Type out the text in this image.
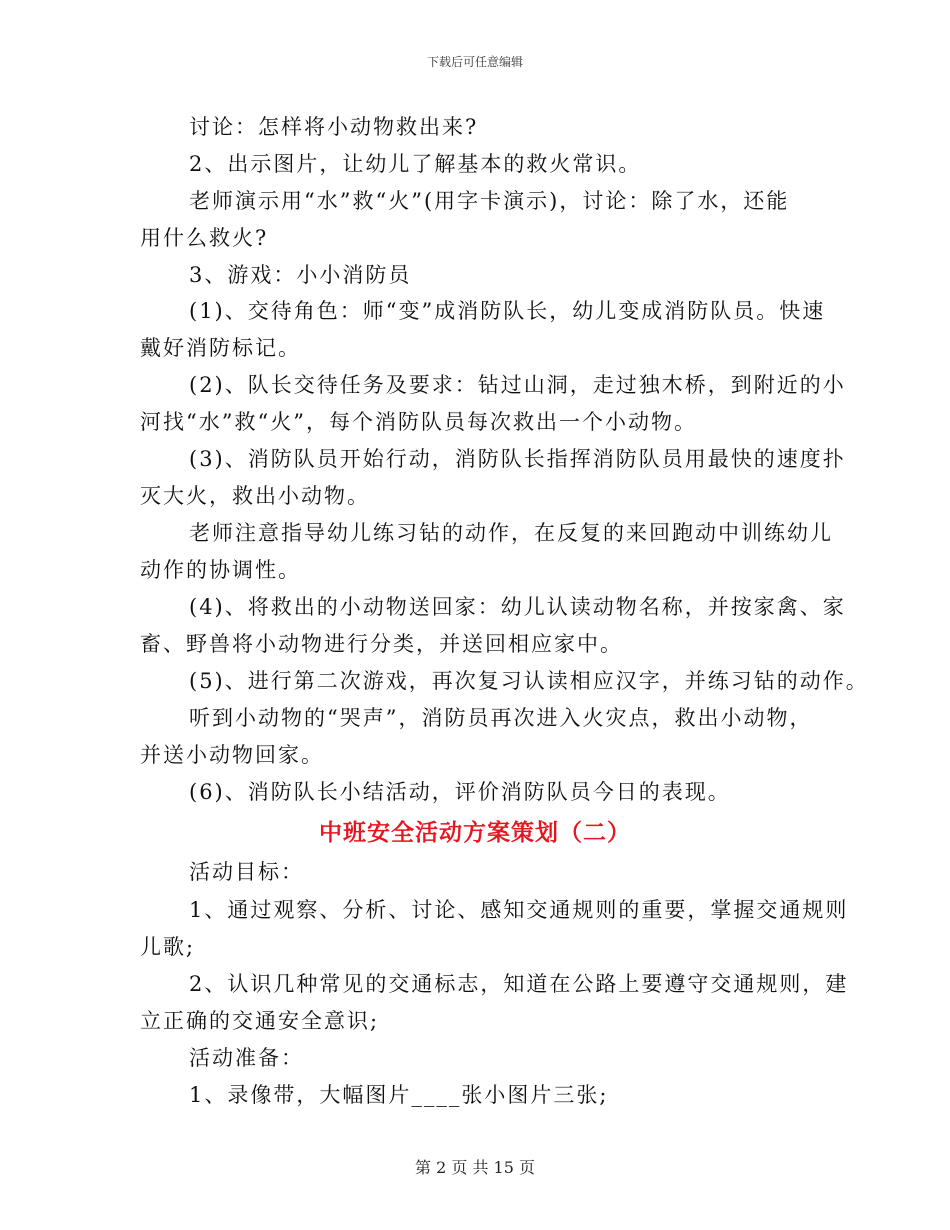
下载后可任意编辑
讨论：怎样将小动物救出来?
2、出示图片，让幼儿了解基本的救火常识。
老师演示用“水”救“火”(用字卡演示)，讨论：除了水，还能
用什么救火?
3、游戏：小小消防员
(1)、交待角色：师“变”成消防队长，幼儿变成消防队员。快速
戴好消防标记。
(2)、队长交待任务及要求：钻过山洞，走过独木桥，到附近的小
河找“水”救“火”，每个消防队员每次救出一个小动物。
(3)、消防队员开始行动，消防队长指挥消防队员用最快的速度扑
灭大火，救出小动物。
老师注意指导幼儿练习钻的动作，在反复的来回跑动中训练幼儿
动作的协调性。
(4)、将救出的小动物送回家：幼儿认读动物名称，并按家禽、家
畜、野兽将小动物进行分类，并送回相应家中。
(5)、进行第二次游戏，再次复习认读相应汉字，并练习钻的动作。
听到小动物的“哭声”，消防员再次进入火灾点，救出小动物，
并送小动物回家。
(6)、消防队长小结活动，评价消防队员今日的表现。
中班安全活动方案策划（二）
活动目标：
1、通过观察、分析、讨论、感知交通规则的重要，掌握交通规则
儿歌;
2、认识几种常见的交通标志，知道在公路上要遵守交通规则，建
立正确的交通安全意识;
活动准备：
1、录像带，大幅图片____张小图片三张;
第 2 页 共 15 页
